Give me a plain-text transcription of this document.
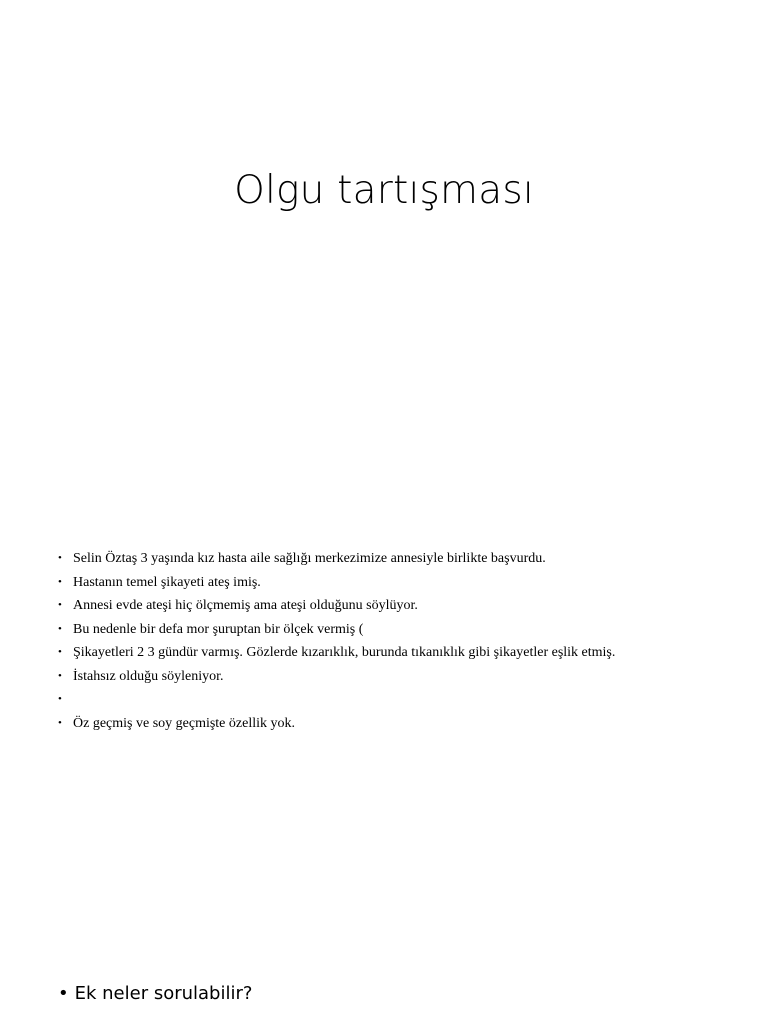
Olgu tartışması
• Selin Öztaş 3 yaşında kız hasta aile sağlığı merkezimize annesiyle birlikte başvurdu.
• Hastanın temel şikayeti ateş imiş.
• Annesi evde ateşi hiç ölçmemiş ama ateşi olduğunu söylüyor.
• Bu nedenle bir defa mor şuruptan bir ölçek vermiş (
• Şikayetleri 2 3 gündür varmış. Gözlerde kızarıklık, burunda tıkanıklık gibi şikayetler eşlik etmiş.
• İstahsız olduğu söyleniyor.
•
• Öz geçmiş ve soy geçmişte özellik yok.

• Ek neler sorulabilir?
